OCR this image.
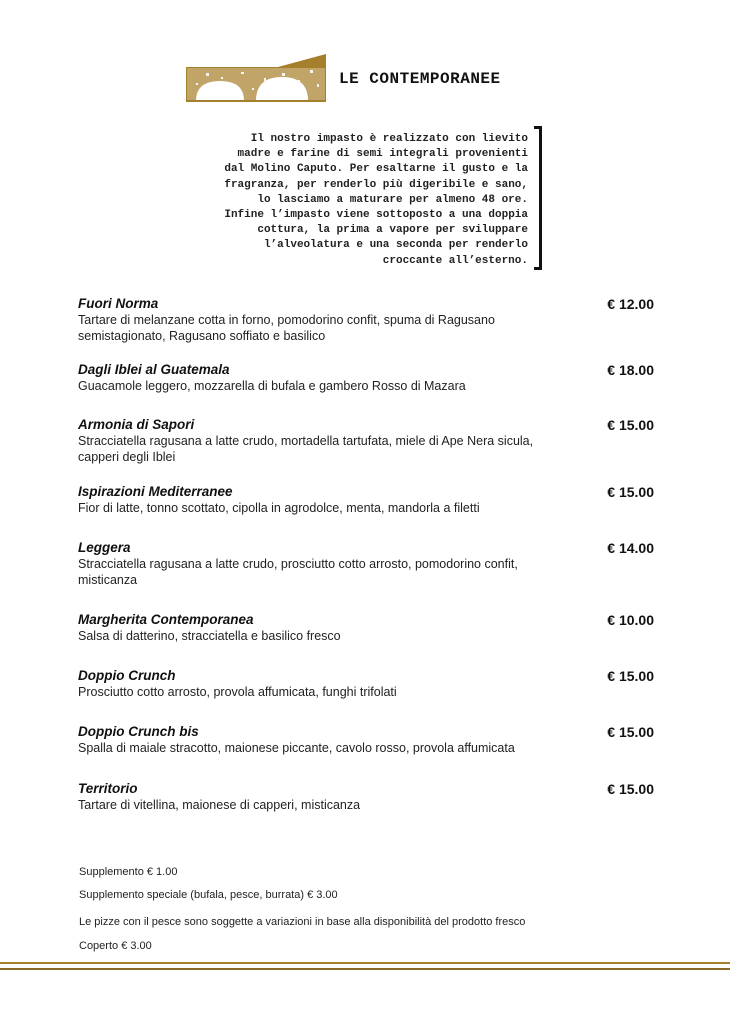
LE CONTEMPORANEE
Il nostro impasto è realizzato con lievito
madre e farine di semi integrali provenienti
dal Molino Caputo. Per esaltarne il gusto e la
fragranza, per renderlo più digeribile e sano,
lo lasciamo a maturare per almeno 48 ore.
Infine l’impasto viene sottoposto a una doppia
cottura, la prima a vapore per sviluppare
l’alveolatura e una seconda per renderlo
croccante all’esterno.
Fuori Norma
Tartare di melanzane cotta in forno, pomodorino confit, spuma di Ragusano semistagionato, Ragusano soffiato e basilico
€ 12.00
Dagli Iblei al Guatemala
Guacamole leggero, mozzarella di bufala e gambero Rosso di Mazara
€ 18.00
Armonia di Sapori
Stracciatella ragusana a latte crudo, mortadella tartufata, miele di Ape Nera sicula, capperi degli Iblei
€ 15.00
Ispirazioni Mediterranee
Fior di latte, tonno scottato, cipolla in agrodolce, menta, mandorla a filetti
€ 15.00
Leggera
Stracciatella ragusana a latte crudo, prosciutto cotto arrosto, pomodorino confit, misticanza
€ 14.00
Margherita Contemporanea
Salsa di datterino, stracciatella e basilico fresco
€ 10.00
Doppio Crunch
Prosciutto cotto arrosto, provola affumicata, funghi trifolati
€ 15.00
Doppio Crunch bis
Spalla di maiale stracotto, maionese piccante, cavolo rosso, provola affumicata
€ 15.00
Territorio
Tartare di vitellina, maionese di capperi, misticanza
€ 15.00
Supplemento € 1.00
Supplemento speciale (bufala, pesce, burrata) € 3.00
Le pizze con il pesce sono soggette a variazioni in base alla disponibilità del prodotto fresco
Coperto € 3.00
